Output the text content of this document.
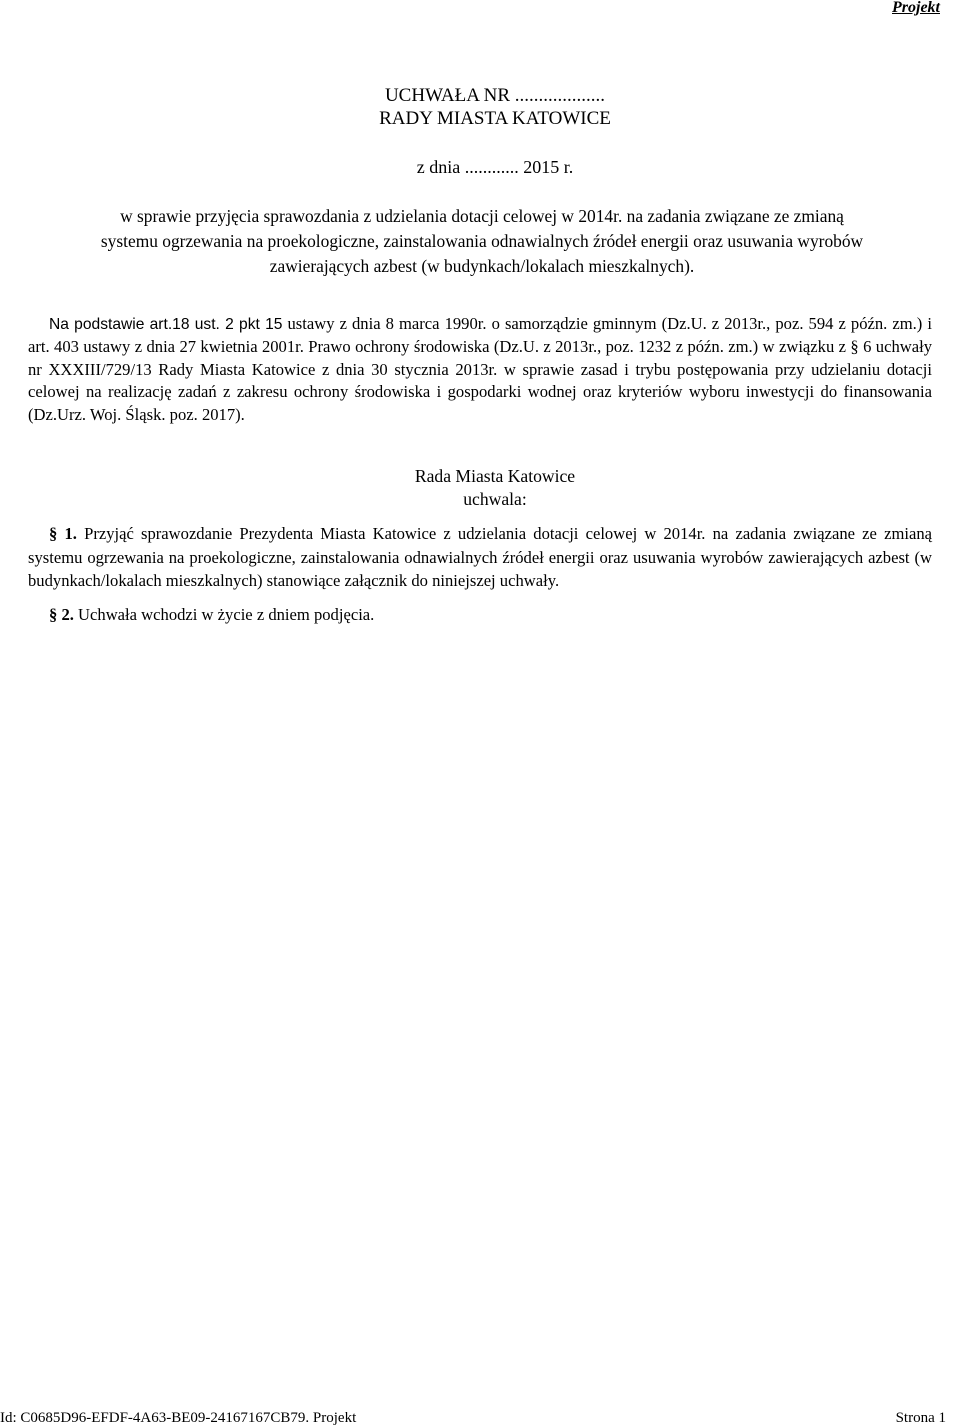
Projekt
UCHWAŁA NR ...................
RADY MIASTA KATOWICE
z dnia ............ 2015 r.
w sprawie przyjęcia sprawozdania z udzielania dotacji celowej w 2014r. na zadania związane ze zmianą
systemu ogrzewania na proekologiczne, zainstalowania odnawialnych źródeł energii oraz usuwania wyrobów
zawierających azbest (w budynkach/lokalach mieszkalnych).
Na podstawie art.18 ust. 2 pkt 15 ustawy z dnia 8 marca 1990r. o samorządzie gminnym (Dz.U. z 2013r., poz. 594 z późn. zm.) i art. 403 ustawy z dnia 27 kwietnia 2001r. Prawo ochrony środowiska (Dz.U. z 2013r., poz. 1232 z późn. zm.) w związku z § 6 uchwały nr XXXIII/729/13 Rady Miasta Katowice z dnia 30 stycznia 2013r. w sprawie zasad i trybu postępowania przy udzielaniu dotacji celowej na realizację zadań z zakresu ochrony środowiska i gospodarki wodnej oraz kryteriów wyboru inwestycji do finansowania (Dz.Urz. Woj. Śląsk. poz. 2017).
Rada Miasta Katowice
uchwala:
§ 1. Przyjąć sprawozdanie Prezydenta Miasta Katowice z udzielania dotacji celowej w 2014r. na zadania związane ze zmianą systemu ogrzewania na proekologiczne, zainstalowania odnawialnych źródeł energii oraz usuwania wyrobów zawierających azbest (w budynkach/lokalach mieszkalnych) stanowiące załącznik do niniejszej uchwały.
§ 2. Uchwała wchodzi w życie z dniem podjęcia.
Id: C0685D96-EFDF-4A63-BE09-24167167CB79. Projekt	Strona 1
